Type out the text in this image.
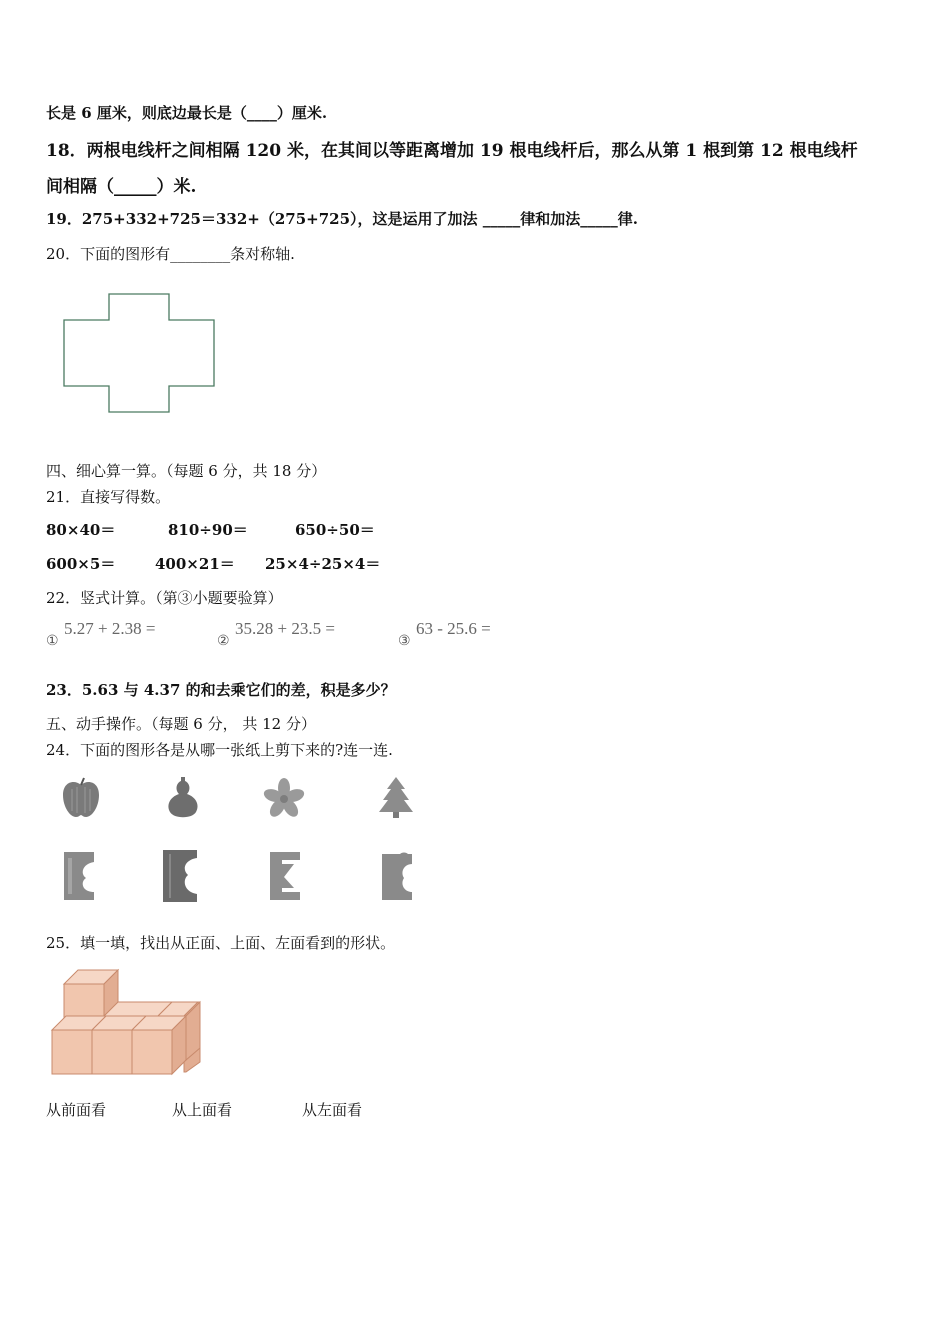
长是 6 厘米，则底边最长是（____）厘米.
18．两根电线杆之间相隔 120 米，在其间以等距离增加 19 根电线杆后，那么从第 1 根到第 12 根电线杆
间相隔（_____）米.
19．275+332+725＝332+（275+725），这是运用了加法 _____律和加法_____律.
20．下面的图形有________条对称轴.
四、细心算一算。（每题 6 分，共 18 分）
21．直接写得数。
80×40＝	810÷90＝	650÷50＝
600×5＝	400×21＝ 25×4÷25×4＝
22．竖式计算。（第③小题要验算）
①
5.27 + 2.38 =
②
35.28 + 23.5 =
③
63 - 25.6 =
23．5.63 与 4.37 的和去乘它们的差，积是多少？
五、动手操作。（每题 6 分， 共 12 分）
24．下面的图形各是从哪一张纸上剪下来的?连一连.
25．填一填，找出从正面、上面、左面看到的形状。
从前面看	从上面看	从左面看
